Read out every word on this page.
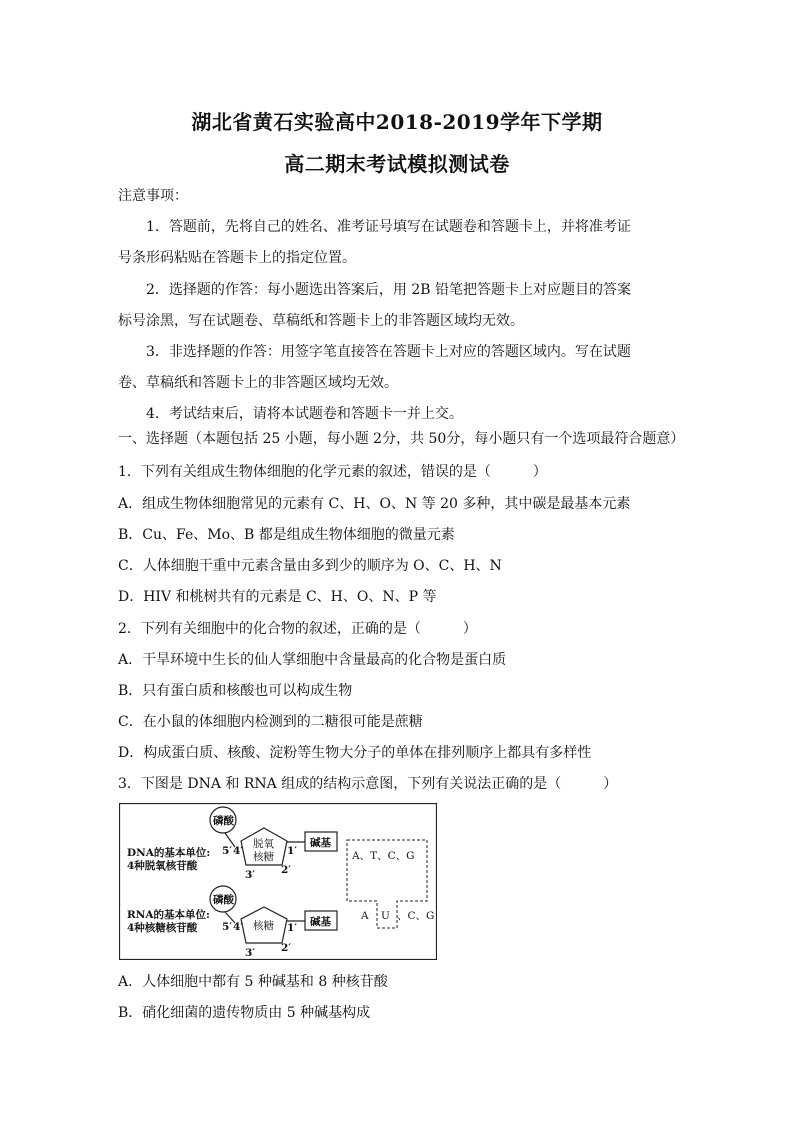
湖北省黄石实验高中2018-2019学年下学期
高二期末考试模拟测试卷
注意事项：
1．答题前，先将自己的姓名、准考证号填写在试题卷和答题卡上，并将准考证
号条形码粘贴在答题卡上的指定位置。
2．选择题的作答：每小题选出答案后，用 2B 铅笔把答题卡上对应题目的答案
标号涂黑，写在试题卷、草稿纸和答题卡上的非答题区域均无效。
3．非选择题的作答：用签字笔直接答在答题卡上对应的答题区域内。写在试题
卷、草稿纸和答题卡上的非答题区域均无效。
4．考试结束后，请将本试题卷和答题卡一并上交。
一、选择题（本题包括 25 小题，每小题 2分，共 50分，每小题只有一个选项最符合题意）
1．下列有关组成生物体细胞的化学元素的叙述，错误的是（　　　）
A．组成生物体细胞常见的元素有 C、H、O、N 等 20 多种，其中碳是最基本元素
B．Cu、Fe、Mo、B 都是组成生物体细胞的微量元素
C．人体细胞干重中元素含量由多到少的顺序为 O、C、H、N
D．HIV 和桃树共有的元素是 C、H、O、N、P 等
2．下列有关细胞中的化合物的叙述，正确的是（　　　）
A．干旱环境中生长的仙人掌细胞中含量最高的化合物是蛋白质
B．只有蛋白质和核酸也可以构成生物
C．在小鼠的体细胞内检测到的二糖很可能是蔗糖
D．构成蛋白质、核酸、淀粉等生物大分子的单体在排列顺序上都具有多样性
3．下图是 DNA 和 RNA 组成的结构示意图，下列有关说法正确的是（　　　）
DNA的基本单位:
4种脱氧核苷酸
磷酸
脱氧
核糖
5′ 4′
3′ 2′
1′
碱基
RNA的基本单位:
4种核糖核苷酸
磷酸
核糖
5′ 4′
3′ 2′
1′ 碱基
A、T、C、G
A U 、C、G
A．人体细胞中都有 5 种碱基和 8 种核苷酸
B．硝化细菌的遗传物质由 5 种碱基构成
